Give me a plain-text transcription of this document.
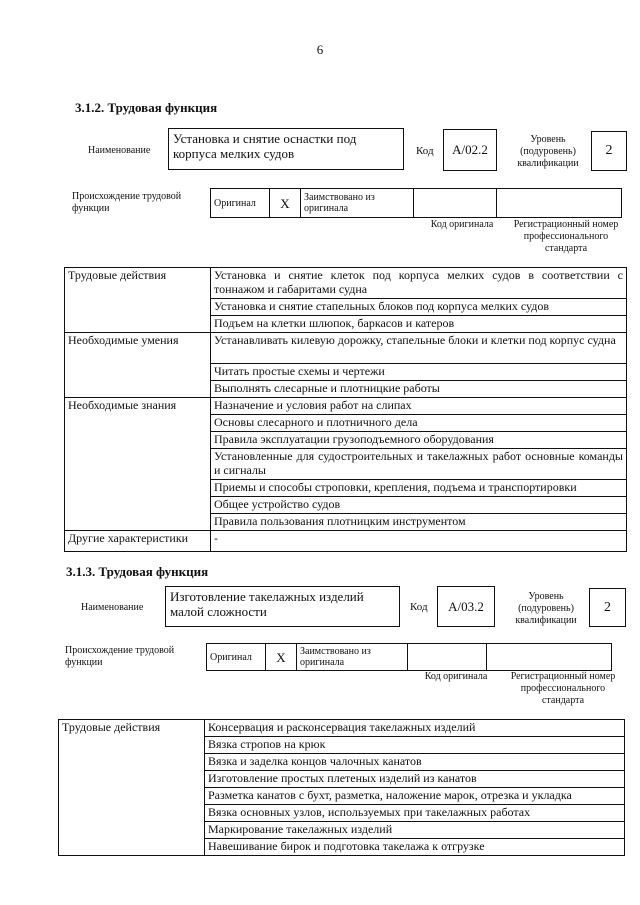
6
3.1.2. Трудовая функция
Наименование
Установка и снятие оснастки под корпуса мелких судов	Код	A/02.2
Уровень (подуровень) квалификации
2
Происхождение трудовой функции	Оригинал	X	Заимствовано из оригинала		
Код оригинала	Регистрационный номер профессионального стандарта
Трудовые действия	Установка и снятие клеток под корпуса мелких судов в соответствии с тоннажом и габаритами судна
	Установка и снятие стапельных блоков под корпуса мелких судов
	Подъем на клетки шлюпок, баркасов и катеров
Необходимые умения	Устанавливать килевую дорожку, стапельные блоки и клетки под корпус судна
	Читать простые схемы и чертежи
	Выполнять слесарные и плотницкие работы
Необходимые знания	Назначение и условия работ на слипах
	Основы слесарного и плотничного дела
	Правила эксплуатации грузоподъемного оборудования
	Установленные для судостроительных и такелажных работ основные команды и сигналы
	Приемы и способы строповки, крепления, подъема и транспортировки
	Общее устройство судов
	Правила пользования плотницким инструментом
Другие характеристики	-
3.1.3. Трудовая функция
Наименование
Изготовление такелажных изделий малой сложности	Код	A/03.2
Уровень (подуровень) квалификации
2
Происхождение трудовой функции	Оригинал	X	Заимствовано из оригинала		
Код оригинала	Регистрационный номер профессионального стандарта
Трудовые действия	Консервация и расконсервация такелажных изделий
Вязка стропов на крюк
Вязка и заделка концов чалочных канатов
Изготовление простых плетеных изделий из канатов
Разметка канатов с бухт, разметка, наложение марок, отрезка и укладка
Вязка основных узлов, используемых при такелажных работах
Маркирование такелажных изделий
Навешивание бирок и подготовка такелажа к отгрузке
